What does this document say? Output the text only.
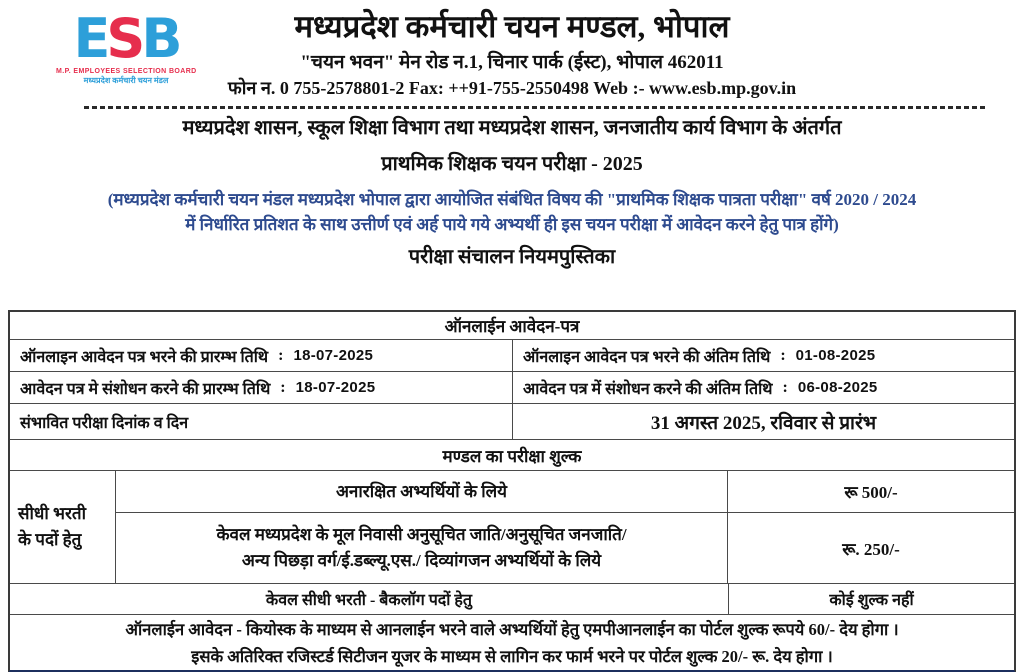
ESB
M.P. EMPLOYEES SELECTION BOARD
मध्यप्रदेश कर्मचारी चयन मंडल
मध्यप्रदेश कर्मचारी चयन मण्डल, भोपाल
"चयन भवन" मेन रोड न.1, चिनार पार्क (ईस्ट), भोपाल 462011
फोन न. 0 755-2578801-2 Fax: ++91-755-2550498 Web :- www.esb.mp.gov.in
मध्यप्रदेश शासन, स्कूल शिक्षा विभाग तथा मध्यप्रदेश शासन, जनजातीय कार्य विभाग के अंतर्गत
प्राथमिक शिक्षक चयन परीक्षा - 2025
(मध्यप्रदेश कर्मचारी चयन मंडल मध्यप्रदेश भोपाल द्वारा आयोजित संबंधित विषय की "प्राथमिक शिक्षक पात्रता परीक्षा" वर्ष 2020 / 2024
में निर्धारित प्रतिशत के साथ उत्तीर्ण एवं अर्ह पाये गये अभ्यर्थी ही इस चयन परीक्षा में आवेदन करने हेतु पात्र होंगे)
परीक्षा संचालन नियमपुस्तिका
ऑनलाईन आवेदन-पत्र
ऑनलाइन आवेदन पत्र भरने की प्रारम्भ तिथि : 18-07-2025	ऑनलाइन आवेदन पत्र भरने की अंतिम तिथि : 01-08-2025
आवेदन पत्र मे संशोधन करने की प्रारम्भ तिथि : 18-07-2025	आवेदन पत्र में संशोधन करने की अंतिम तिथि : 06-08-2025
संभावित परीक्षा दिनांक व दिन	31 अगस्त 2025, रविवार से प्रारंभ
मण्डल का परीक्षा शुल्क
सीधी भरती
के पदों हेतु
अनारक्षित अभ्यर्थियों के लिये	रू 500/-
केवल मध्यप्रदेश के मूल निवासी अनुसूचित जाति/अनुसूचित जनजाति/
अन्य पिछड़ा वर्ग/ई.डब्ल्यू.एस./ दिव्यांगजन अभ्यर्थियों के लिये
रू. 250/-
केवल सीधी भरती - बैकलॉग पदों हेतु	कोई शुल्क नहीं
ऑनलाईन आवेदन - कियोस्क के माध्यम से आनलाईन भरने वाले अभ्यर्थियों हेतु एमपीआनलाईन का पोर्टल शुल्क रूपये 60/- देय होगा ।
इसके अतिरिक्त रजिस्टर्ड सिटीजन यूजर के माध्यम से लागिन कर फार्म भरने पर पोर्टल शुल्क 20/- रू. देय होगा ।
